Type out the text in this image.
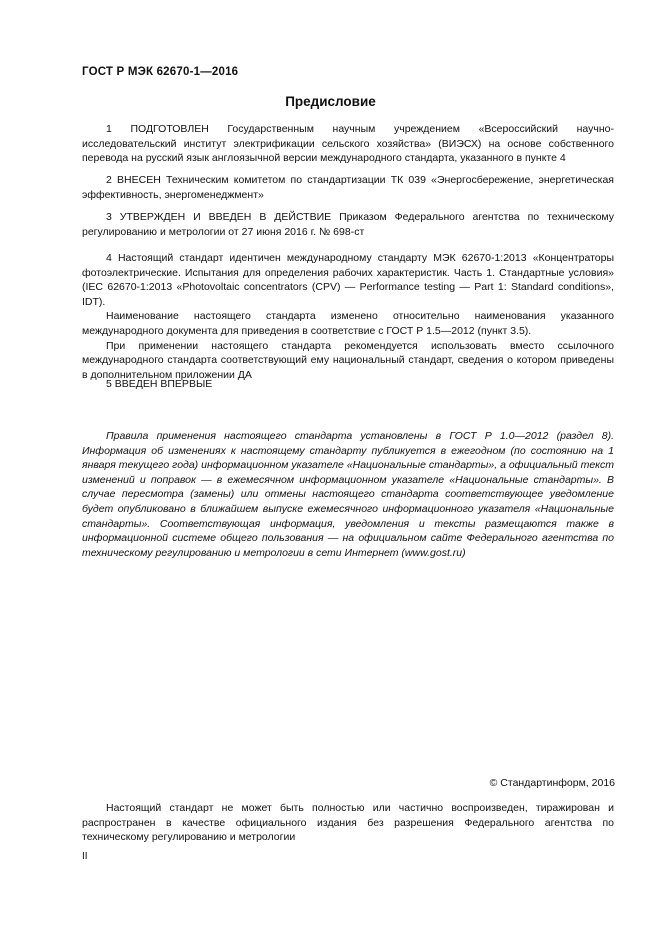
ГОСТ Р МЭК 62670-1—2016
Предисловие

1 ПОДГОТОВЛЕН Государственным научным учреждением «Всероссийский научно-исследовательский институт электрификации сельского хозяйства» (ВИЭСХ) на основе собственного перевода на русский язык англоязычной версии международного стандарта, указанного в пункте 4

2 ВНЕСЕН Техническим комитетом по стандартизации ТК 039 «Энергосбережение, энергетическая эффективность, энергоменеджмент»

3 УТВЕРЖДЕН И ВВЕДЕН В ДЕЙСТВИЕ Приказом Федерального агентства по техническому регулированию и метрологии от 27 июня 2016 г. № 698-ст

4 Настоящий стандарт идентичен международному стандарту МЭК 62670-1:2013 «Концентраторы фотоэлектрические. Испытания для определения рабочих характеристик. Часть 1. Стандартные условия» (IEC 62670-1:2013 «Photovoltaic concentrators (CPV) — Performance testing — Part 1: Standard conditions», IDT).

Наименование настоящего стандарта изменено относительно наименования указанного международного документа для приведения в соответствие с ГОСТ Р 1.5—2012 (пункт 3.5).

При применении настоящего стандарта рекомендуется использовать вместо ссылочного международного стандарта соответствующий ему национальный стандарт, сведения о котором приведены в дополнительном приложении ДА

5 ВВЕДЕН ВПЕРВЫЕ

Правила применения настоящего стандарта установлены в ГОСТ Р 1.0—2012 (раздел 8). Информация об изменениях к настоящему стандарту публикуется в ежегодном (по состоянию на 1 января текущего года) информационном указателе «Национальные стандарты», а официальный текст изменений и поправок — в ежемесячном информационном указателе «Национальные стандарты». В случае пересмотра (замены) или отмены настоящего стандарта соответствующее уведомление будет опубликовано в ближайшем выпуске ежемесячного информационного указателя «Национальные стандарты». Соответствующая информация, уведомления и тексты размещаются также в информационной системе общего пользования — на официальном сайте Федерального агентства по техническому регулированию и метрологии в сети Интернет (www.gost.ru)

© Стандартинформ, 2016

Настоящий стандарт не может быть полностью или частично воспроизведен, тиражирован и распространен в качестве официального издания без разрешения Федерального агентства по техническому регулированию и метрологии

II
